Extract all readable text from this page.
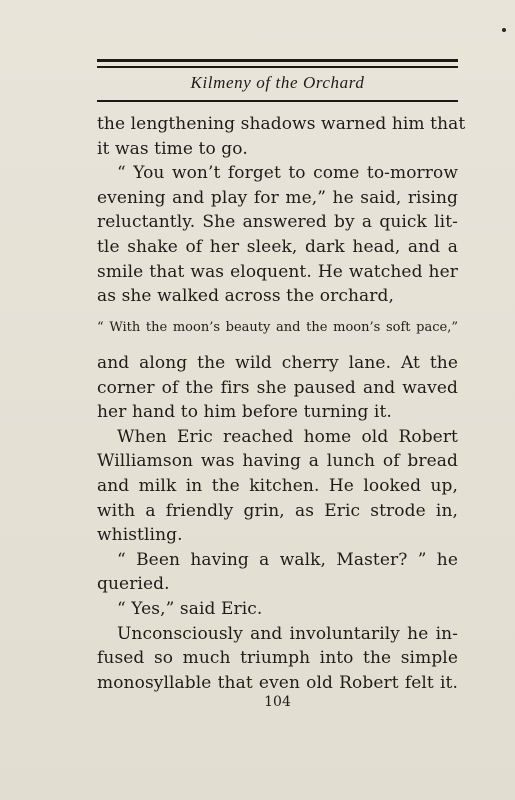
Kilmeny of the Orchard
the lengthening shadows warned him that
it was time to go.
“ You won’t forget to come to-morrow
evening and play for me,” he said, rising
reluctantly. She answered by a quick lit-
tle shake of her sleek, dark head, and a
smile that was eloquent. He watched her
as she walked across the orchard,
“ With the moon’s beauty and the moon’s soft pace,”
and along the wild cherry lane. At the
corner of the firs she paused and waved
her hand to him before turning it.
When Eric reached home old Robert
Williamson was having a lunch of bread
and milk in the kitchen. He looked up,
with a friendly grin, as Eric strode in,
whistling.
“ Been having a walk, Master? ” he
queried.
“ Yes,” said Eric.
Unconsciously and involuntarily he in-
fused so much triumph into the simple
monosyllable that even old Robert felt it.
104
